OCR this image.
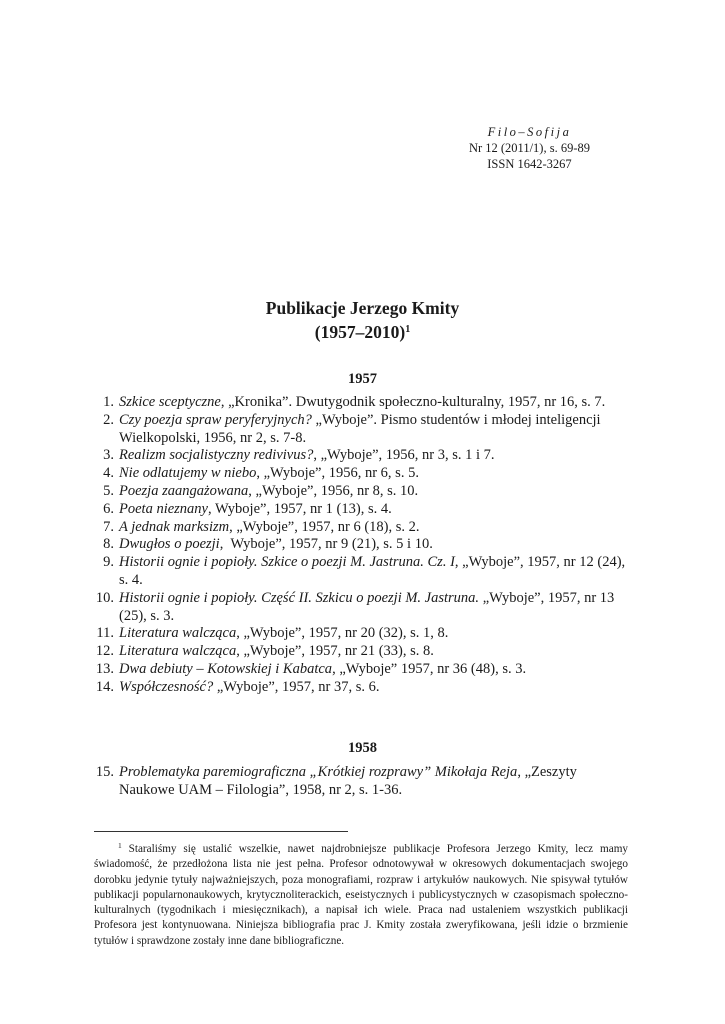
Filo–Sofija
Nr 12 (2011/1), s. 69-89
ISSN 1642-3267
Publikacje Jerzego Kmity
(1957–2010)$^1$
1957
1. Szkice sceptyczne, „Kronika”. Dwutygodnik społeczno-kulturalny, 1957, nr 16, s. 7.
2. Czy poezja spraw peryferyjnych? „Wyboje”. Pismo studentów i młodej inteligencji Wielkopolski, 1956, nr 2, s. 7-8.
3. Realizm socjalistyczny redivivus?, „Wyboje”, 1956, nr 3, s. 1 i 7.
4. Nie odlatujemy w niebo, „Wyboje”, 1956, nr 6, s. 5.
5. Poezja zaangażowana, „Wyboje”, 1956, nr 8, s. 10.
6. Poeta nieznany, Wyboje”, 1957, nr 1 (13), s. 4.
7. A jednak marksizm, „Wyboje”, 1957, nr 6 (18), s. 2.
8. Dwugłos o poezji,  Wyboje”, 1957, nr 9 (21), s. 5 i 10.
9. Historii ognie i popioły. Szkice o poezji M. Jastruna. Cz. I, „Wyboje”, 1957, nr 12 (24), s. 4.
10. Historii ognie i popioły. Część II. Szkicu o poezji M. Jastruna. „Wyboje”, 1957, nr 13 (25), s. 3.
11. Literatura walcząca, „Wyboje”, 1957, nr 20 (32), s. 1, 8.
12. Literatura walcząca, „Wyboje”, 1957, nr 21 (33), s. 8.
13. Dwa debiuty – Kotowskiej i Kabatca, „Wyboje” 1957, nr 36 (48), s. 3.
14. Współczesność? „Wyboje”, 1957, nr 37, s. 6.
1958
15. Problematyka paremiograficzna „Krótkiej rozprawy” Mikołaja Reja, „Zeszyty Naukowe UAM – Filologia”, 1958, nr 2, s. 1-36.

$^1$ Staraliśmy się ustalić wszelkie, nawet najdrobniejsze publikacje Profesora Jerzego Kmity, lecz mamy świadomość, że przedłożona lista nie jest pełna. Profesor odnotowywał w okresowych dokumentacjach swojego dorobku jedynie tytuły najważniejszych, poza monografiami, rozpraw i artykułów naukowych. Nie spisywał tytułów publikacji popularnonaukowych, krytycznoliterackich, eseistycznych i publicystycznych w czasopismach społeczno-kulturalnych (tygodnikach i miesięcznikach), a napisał ich wiele. Praca nad ustaleniem wszystkich publikacji Profesora jest kontynuowana. Niniejsza bibliografia prac J. Kmity została zweryfikowana, jeśli idzie o brzmienie tytułów i sprawdzone zostały inne dane bibliograficzne.
